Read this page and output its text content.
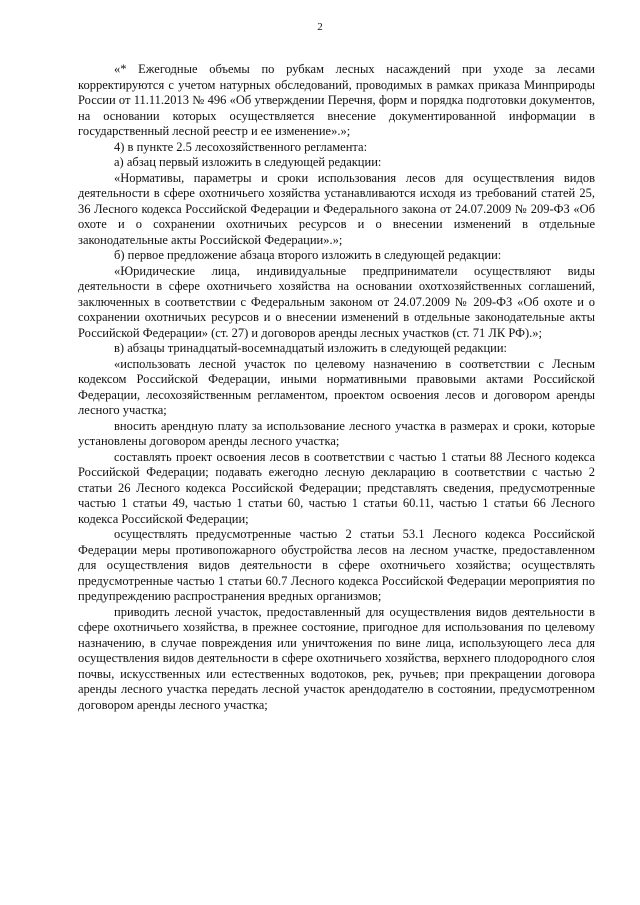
2

«* Ежегодные объемы по рубкам лесных насаждений при уходе за лесами корректируются с учетом натурных обследований, проводимых в рамках приказа Минприроды России от 11.11.2013 № 496 «Об утверждении Перечня, форм и порядка подготовки документов, на основании которых осуществляется внесение документированной информации в государственный лесной реестр и ее изменение».»;

4) в пункте 2.5 лесохозяйственного регламента:

а) абзац первый изложить в следующей редакции:

«Нормативы, параметры и сроки использования лесов для осуществления видов деятельности в сфере охотничьего хозяйства устанавливаются исходя из требований статей 25, 36 Лесного кодекса Российской Федерации и Федерального закона от 24.07.2009 № 209-ФЗ «Об охоте и о сохранении охотничьих ресурсов и о внесении изменений в отдельные законодательные акты Российской Федерации».»;

б) первое предложение абзаца второго изложить в следующей редакции:

«Юридические лица, индивидуальные предприниматели осуществляют виды деятельности в сфере охотничьего хозяйства на основании охотхозяйственных соглашений, заключенных в соответствии с Федеральным законом от 24.07.2009 № 209-ФЗ «Об охоте и о сохранении охотничьих ресурсов и о внесении изменений в отдельные законодательные акты Российской Федерации» (ст. 27) и договоров аренды лесных участков (ст. 71 ЛК РФ).»;

в) абзацы тринадцатый-восемнадцатый изложить в следующей редакции:

«использовать лесной участок по целевому назначению в соответствии с Лесным кодексом Российской Федерации, иными нормативными правовыми актами Российской Федерации, лесохозяйственным регламентом, проектом освоения лесов и договором аренды лесного участка;

вносить арендную плату за использование лесного участка в размерах и сроки, которые установлены договором аренды лесного участка;

составлять проект освоения лесов в соответствии с частью 1 статьи 88 Лесного кодекса Российской Федерации; подавать ежегодно лесную декларацию в соответствии с частью 2 статьи 26 Лесного кодекса Российской Федерации; представлять сведения, предусмотренные частью 1 статьи 49, частью 1 статьи 60, частью 1 статьи 60.11, частью 1 статьи 66 Лесного кодекса Российской Федерации;

осуществлять предусмотренные частью 2 статьи 53.1 Лесного кодекса Российской Федерации меры противопожарного обустройства лесов на лесном участке, предоставленном для осуществления видов деятельности в сфере охотничьего хозяйства; осуществлять предусмотренные частью 1 статьи 60.7 Лесного кодекса Российской Федерации мероприятия по предупреждению распространения вредных организмов;

приводить лесной участок, предоставленный для осуществления видов деятельности в сфере охотничьего хозяйства, в прежнее состояние, пригодное для использования по целевому назначению, в случае повреждения или уничтожения по вине лица, использующего леса для осуществления видов деятельности в сфере охотничьего хозяйства, верхнего плодородного слоя почвы, искусственных или естественных водотоков, рек, ручьев; при прекращении договора аренды лесного участка передать лесной участок арендодателю в состоянии, предусмотренном договором аренды лесного участка;
